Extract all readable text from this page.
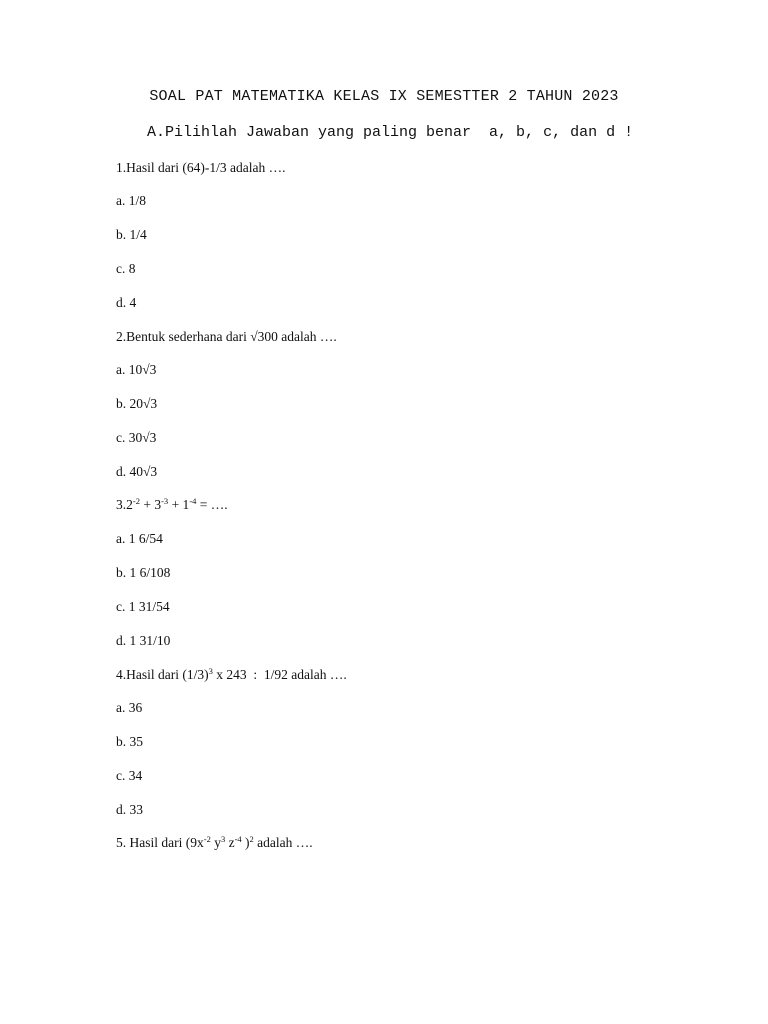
SOAL PAT MATEMATIKA KELAS IX SEMESTTER 2 TAHUN 2023
A.Pilihlah Jawaban yang paling benar  a, b, c, dan d !
1.Hasil dari (64)-1/3 adalah ….
a. 1/8
b. 1/4
c. 8
d. 4
2.Bentuk sederhana dari √300 adalah ….
a. 10√3
b. 20√3
c. 30√3
d. 40√3
$3.2^{-2} + 3^{-3} + 1^{-4}$ = ….
a. 1 6/54
b. 1 6/108
c. 1 31/54
d. 1 31/10
4.Hasil dari $(1/3)^3$ x 243  :  1/92 adalah ….
a. 36
b. 35
c. 34
d. 33
5. Hasil dari ($9x^{-2}$ $y^3$ $z^{-4}$ )$^2$ adalah ….
